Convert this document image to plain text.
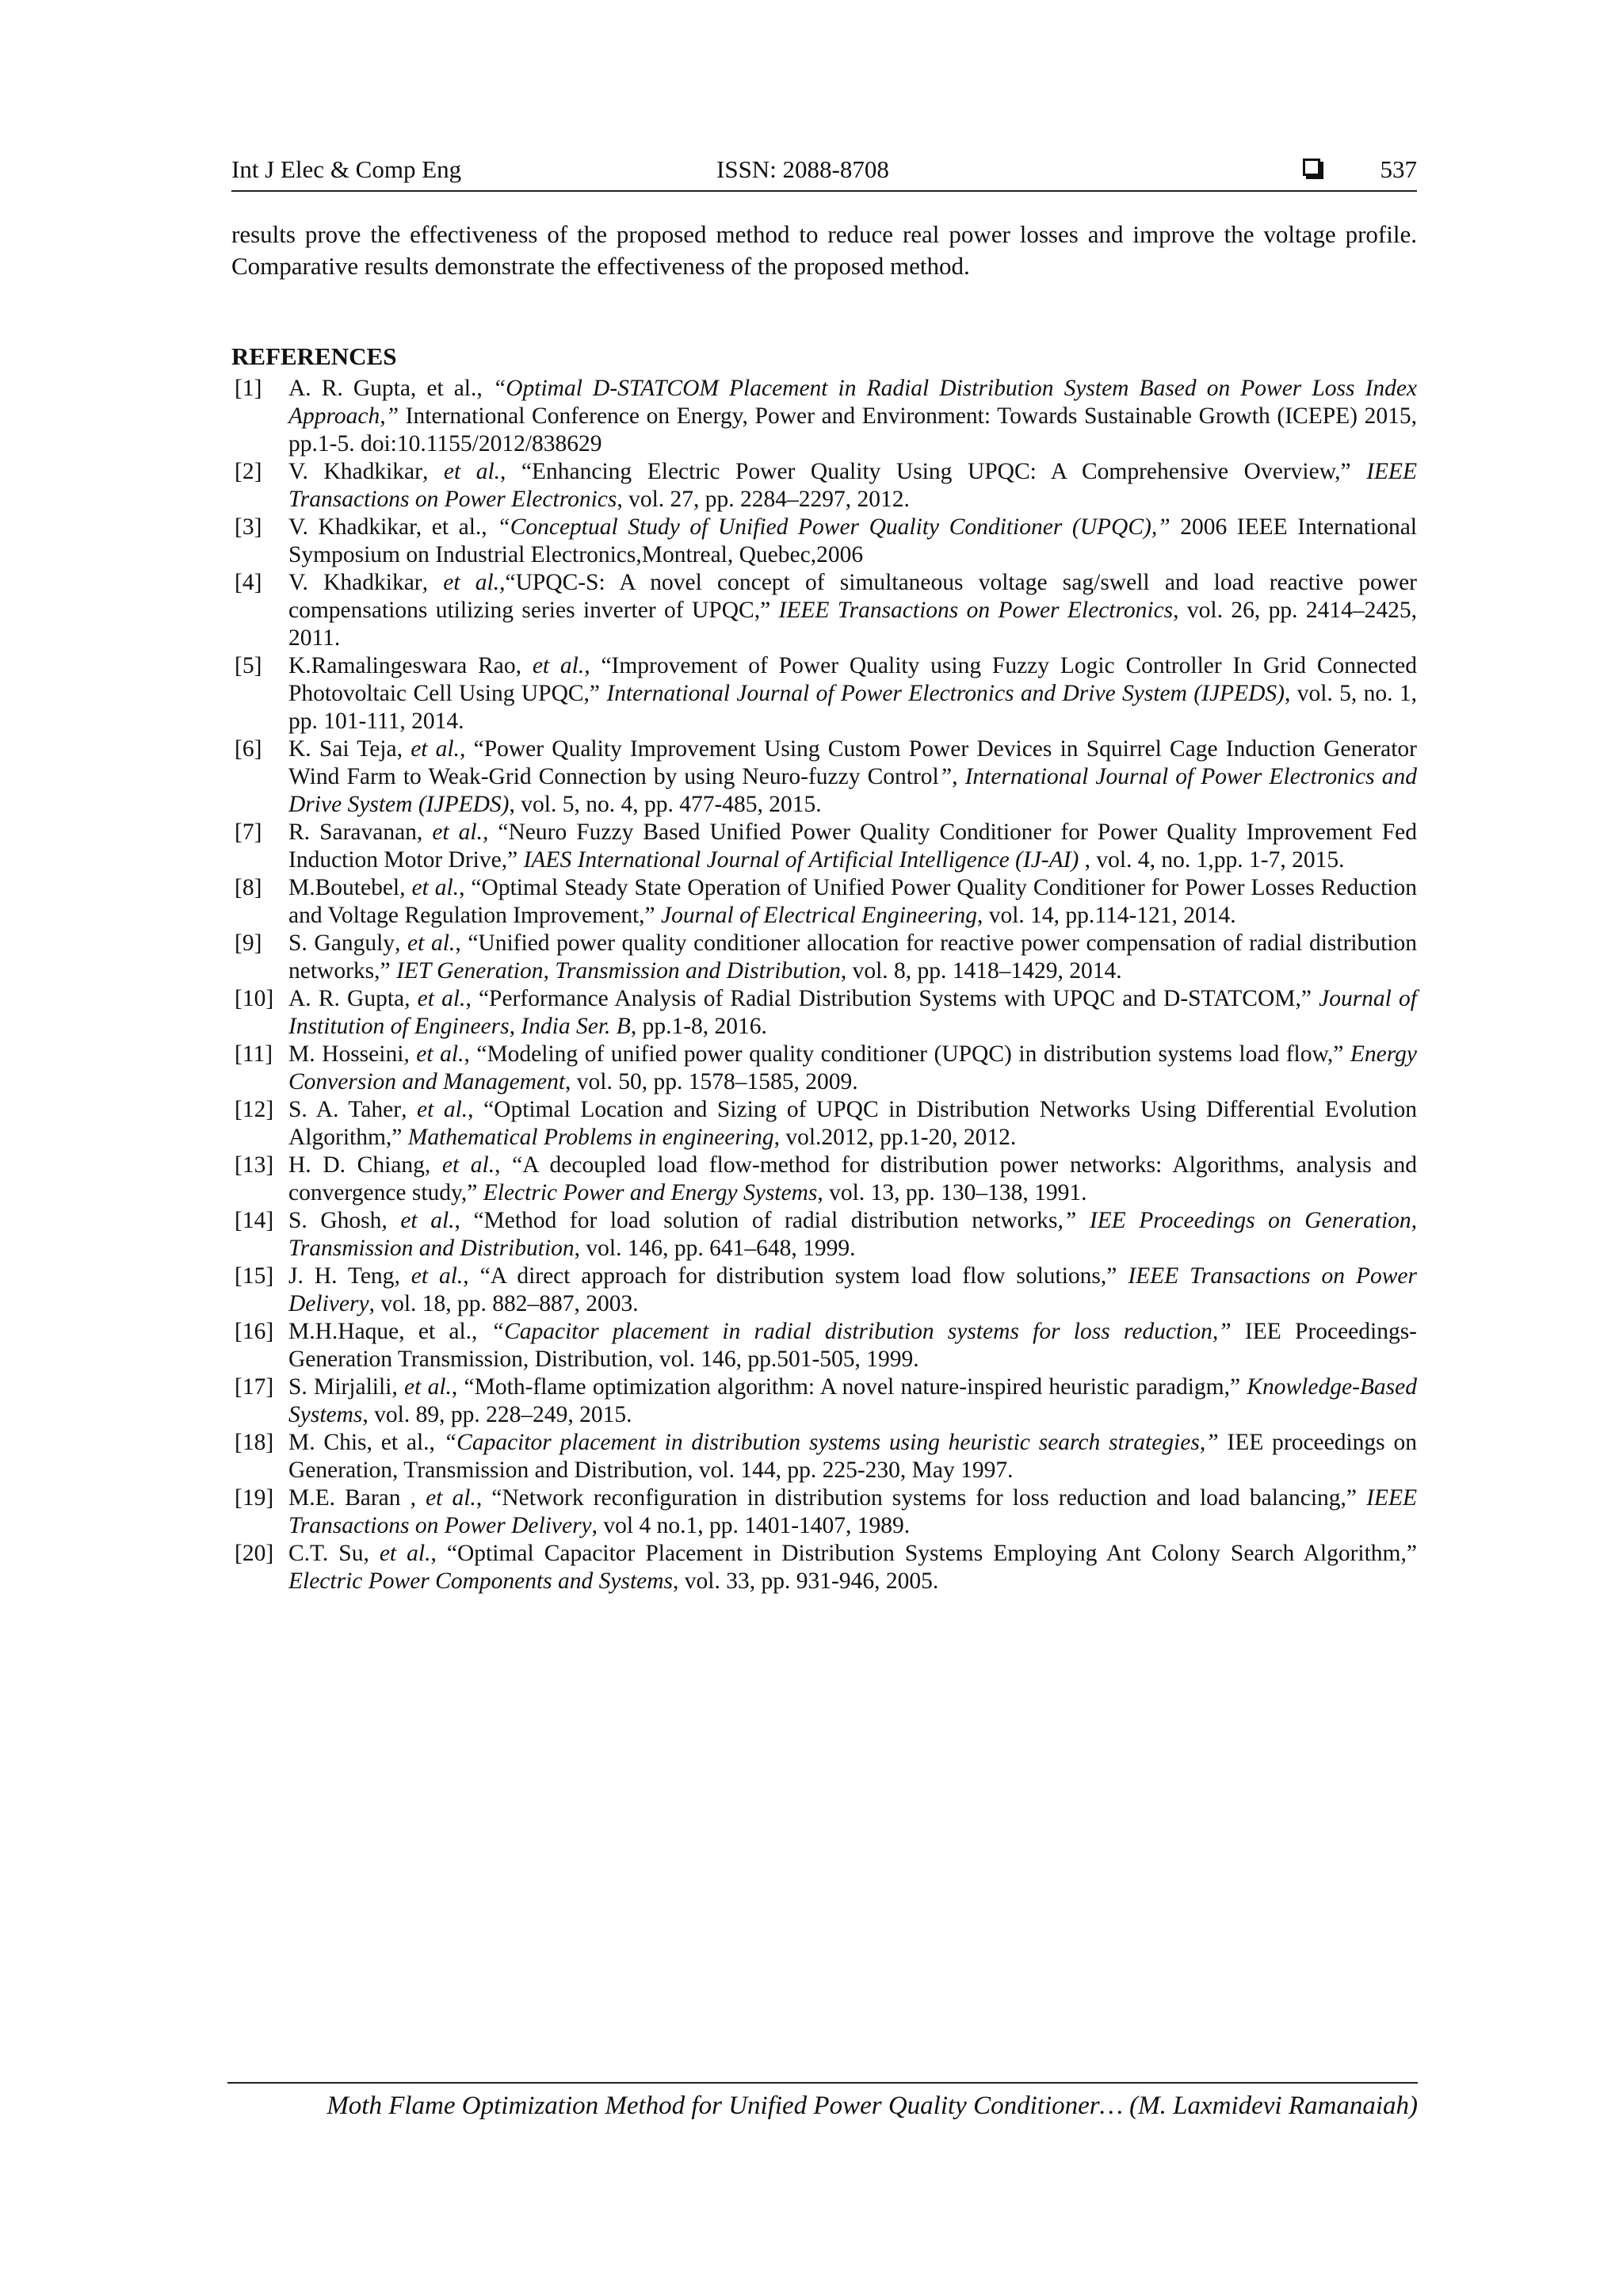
Int J Elec & Comp Eng	ISSN: 2088-8708	537

results prove the effectiveness of the proposed method to reduce real power losses and improve the voltage profile. Comparative results demonstrate the effectiveness of the proposed method.

REFERENCES
[1] A. R. Gupta, et al., “Optimal D-STATCOM Placement in Radial Distribution System Based on Power Loss Index Approach,” International Conference on Energy, Power and Environment: Towards Sustainable Growth (ICEPE) 2015, pp.1-5. doi:10.1155/2012/838629
[2] V. Khadkikar, et al., “Enhancing Electric Power Quality Using UPQC: A Comprehensive Overview,” IEEE Transactions on Power Electronics, vol. 27, pp. 2284–2297, 2012.
[3] V. Khadkikar, et al., “Conceptual Study of Unified Power Quality Conditioner (UPQC),” 2006 IEEE International Symposium on Industrial Electronics,Montreal, Quebec,2006
[4] V. Khadkikar, et al.,“UPQC-S: A novel concept of simultaneous voltage sag/swell and load reactive power compensations utilizing series inverter of UPQC,” IEEE Transactions on Power Electronics, vol. 26, pp. 2414–2425, 2011.
[5] K.Ramalingeswara Rao, et al., “Improvement of Power Quality using Fuzzy Logic Controller In Grid Connected Photovoltaic Cell Using UPQC,” International Journal of Power Electronics and Drive System (IJPEDS), vol. 5, no. 1, pp. 101-111, 2014.
[6] K. Sai Teja, et al., “Power Quality Improvement Using Custom Power Devices in Squirrel Cage Induction Generator Wind Farm to Weak-Grid Connection by using Neuro-fuzzy Control”, International Journal of Power Electronics and Drive System (IJPEDS), vol. 5, no. 4, pp. 477-485, 2015.
[7] R. Saravanan, et al., “Neuro Fuzzy Based Unified Power Quality Conditioner for Power Quality Improvement Fed Induction Motor Drive,” IAES International Journal of Artificial Intelligence (IJ-AI) , vol. 4, no. 1,pp. 1-7, 2015.
[8] M.Boutebel, et al., “Optimal Steady State Operation of Unified Power Quality Conditioner for Power Losses Reduction and Voltage Regulation Improvement,” Journal of Electrical Engineering, vol. 14, pp.114-121, 2014.
[9] S. Ganguly, et al., “Unified power quality conditioner allocation for reactive power compensation of radial distribution networks,” IET Generation, Transmission and Distribution, vol. 8, pp. 1418–1429, 2014.
[10] A. R. Gupta, et al., “Performance Analysis of Radial Distribution Systems with UPQC and D-STATCOM,” Journal of Institution of Engineers, India Ser. B, pp.1-8, 2016.
[11] M. Hosseini, et al., “Modeling of unified power quality conditioner (UPQC) in distribution systems load flow,” Energy Conversion and Management, vol. 50, pp. 1578–1585, 2009.
[12] S. A. Taher, et al., “Optimal Location and Sizing of UPQC in Distribution Networks Using Differential Evolution Algorithm,” Mathematical Problems in engineering, vol.2012, pp.1-20, 2012.
[13] H. D. Chiang, et al., “A decoupled load flow-method for distribution power networks: Algorithms, analysis and convergence study,” Electric Power and Energy Systems, vol. 13, pp. 130–138, 1991.
[14] S. Ghosh, et al., “Method for load solution of radial distribution networks,” IEE Proceedings on Generation, Transmission and Distribution, vol. 146, pp. 641–648, 1999.
[15] J. H. Teng, et al., “A direct approach for distribution system load flow solutions,” IEEE Transactions on Power Delivery, vol. 18, pp. 882–887, 2003.
[16] M.H.Haque, et al., “Capacitor placement in radial distribution systems for loss reduction,” IEE Proceedings-Generation Transmission, Distribution, vol. 146, pp.501-505, 1999.
[17] S. Mirjalili, et al., “Moth-flame optimization algorithm: A novel nature-inspired heuristic paradigm,” Knowledge-Based Systems, vol. 89, pp. 228–249, 2015.
[18] M. Chis, et al., “Capacitor placement in distribution systems using heuristic search strategies,” IEE proceedings on Generation, Transmission and Distribution, vol. 144, pp. 225-230, May 1997.
[19] M.E. Baran , et al., “Network reconfiguration in distribution systems for loss reduction and load balancing,” IEEE Transactions on Power Delivery, vol 4 no.1, pp. 1401-1407, 1989.
[20] C.T. Su, et al., “Optimal Capacitor Placement in Distribution Systems Employing Ant Colony Search Algorithm,” Electric Power Components and Systems, vol. 33, pp. 931-946, 2005.
Moth Flame Optimization Method for Unified Power Quality Conditioner… (M. Laxmidevi Ramanaiah)
